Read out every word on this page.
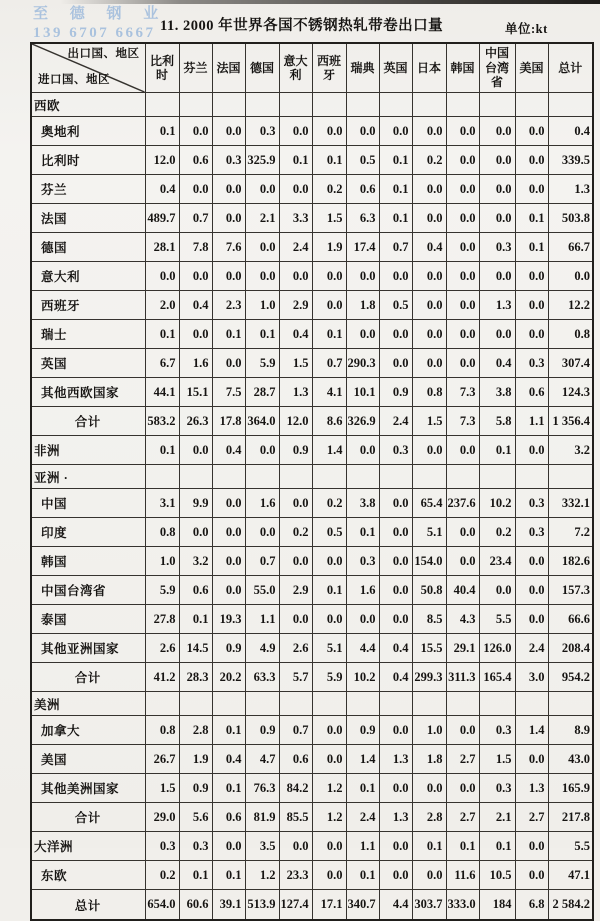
至 德 钢 业
139 6707 6667 11. 2000 年世界各国不锈钢热轧带卷出口量	单位:kt
出口国、地区
进口国、地区	比利时	芬兰	法国	德国	意大利	西班牙	瑞典	英国	日本	韩国	中国台湾省	美国	总计
西欧													
奥地利	0.1	0.0	0.0	0.3	0.0	0.0	0.0	0.0	0.0	0.0	0.0	0.0	0.4
比利时	12.0	0.6	0.3	325.9	0.1	0.1	0.5	0.1	0.2	0.0	0.0	0.0	339.5
芬兰	0.4	0.0	0.0	0.0	0.0	0.2	0.6	0.1	0.0	0.0	0.0	0.0	1.3
法国	489.7	0.7	0.0	2.1	3.3	1.5	6.3	0.1	0.0	0.0	0.0	0.1	503.8
德国	28.1	7.8	7.6	0.0	2.4	1.9	17.4	0.7	0.4	0.0	0.3	0.1	66.7
意大利	0.0	0.0	0.0	0.0	0.0	0.0	0.0	0.0	0.0	0.0	0.0	0.0	0.0
西班牙	2.0	0.4	2.3	1.0	2.9	0.0	1.8	0.5	0.0	0.0	1.3	0.0	12.2
瑞士	0.1	0.0	0.1	0.1	0.4	0.1	0.0	0.0	0.0	0.0	0.0	0.0	0.8
英国	6.7	1.6	0.0	5.9	1.5	0.7	290.3	0.0	0.0	0.0	0.4	0.3	307.4
其他西欧国家	44.1	15.1	7.5	28.7	1.3	4.1	10.1	0.9	0.8	7.3	3.8	0.6	124.3
合计	583.2	26.3	17.8	364.0	12.0	8.6	326.9	2.4	1.5	7.3	5.8	1.1	1 356.4
非洲	0.1	0.0	0.4	0.0	0.9	1.4	0.0	0.3	0.0	0.0	0.1	0.0	3.2
亚洲 ·													
中国	3.1	9.9	0.0	1.6	0.0	0.2	3.8	0.0	65.4	237.6	10.2	0.3	332.1
印度	0.8	0.0	0.0	0.0	0.2	0.5	0.1	0.0	5.1	0.0	0.2	0.3	7.2
韩国	1.0	3.2	0.0	0.7	0.0	0.0	0.3	0.0	154.0	0.0	23.4	0.0	182.6
中国台湾省	5.9	0.6	0.0	55.0	2.9	0.1	1.6	0.0	50.8	40.4	0.0	0.0	157.3
泰国	27.8	0.1	19.3	1.1	0.0	0.0	0.0	0.0	8.5	4.3	5.5	0.0	66.6
其他亚洲国家	2.6	14.5	0.9	4.9	2.6	5.1	4.4	0.4	15.5	29.1	126.0	2.4	208.4
合计	41.2	28.3	20.2	63.3	5.7	5.9	10.2	0.4	299.3	311.3	165.4	3.0	954.2
美洲													
加拿大	0.8	2.8	0.1	0.9	0.7	0.0	0.9	0.0	1.0	0.0	0.3	1.4	8.9
美国	26.7	1.9	0.4	4.7	0.6	0.0	1.4	1.3	1.8	2.7	1.5	0.0	43.0
其他美洲国家	1.5	0.9	0.1	76.3	84.2	1.2	0.1	0.0	0.0	0.0	0.3	1.3	165.9
合计	29.0	5.6	0.6	81.9	85.5	1.2	2.4	1.3	2.8	2.7	2.1	2.7	217.8
大洋洲	0.3	0.3	0.0	3.5	0.0	0.0	1.1	0.0	0.1	0.1	0.1	0.0	5.5
东欧	0.2	0.1	0.1	1.2	23.3	0.0	0.1	0.0	0.0	11.6	10.5	0.0	47.1
总计	654.0	60.6	39.1	513.9	127.4	17.1	340.7	4.4	303.7	333.0	184	6.8	2 584.2
